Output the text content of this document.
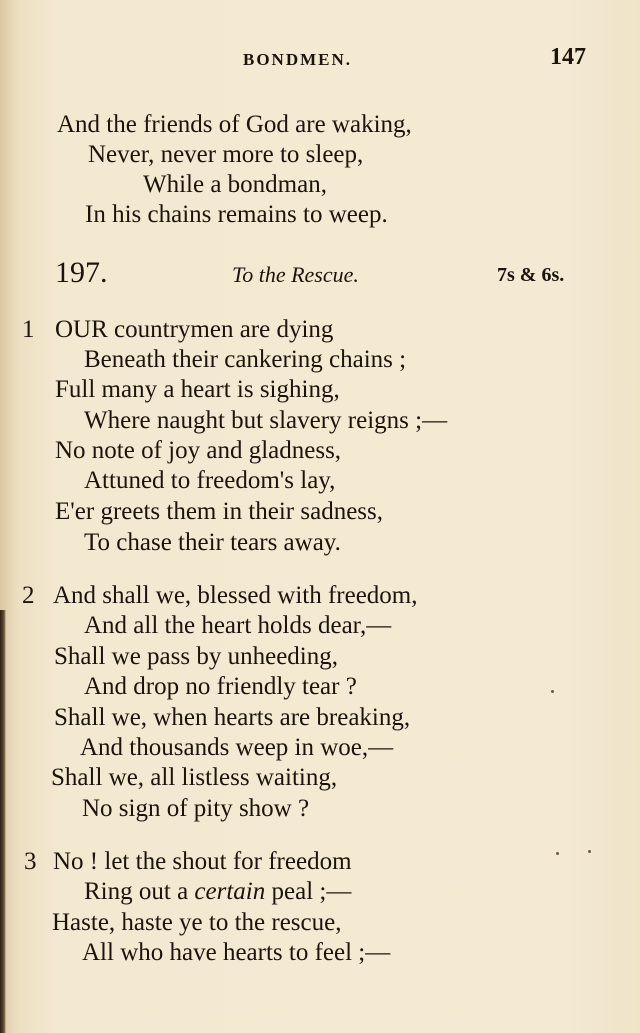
BONDMEN.	147
And the friends of God are waking,
Never, never more to sleep,
While a bondman,
In his chains remains to weep.
197.	To the Rescue.	7s & 6s.
1 OUR countrymen are dying
Beneath their cankering chains ;
Full many a heart is sighing,
Where naught but slavery reigns ;—
No note of joy and gladness,
Attuned to freedom's lay,
E'er greets them in their sadness,
To chase their tears away.
2 And shall we, blessed with freedom,
And all the heart holds dear,—
Shall we pass by unheeding,
And drop no friendly tear ?
Shall we, when hearts are breaking,
And thousands weep in woe,—
Shall we, all listless waiting,
No sign of pity show ?
3 No ! let the shout for freedom
Ring out a certain peal ;—
Haste, haste ye to the rescue,
All who have hearts to feel ;—
